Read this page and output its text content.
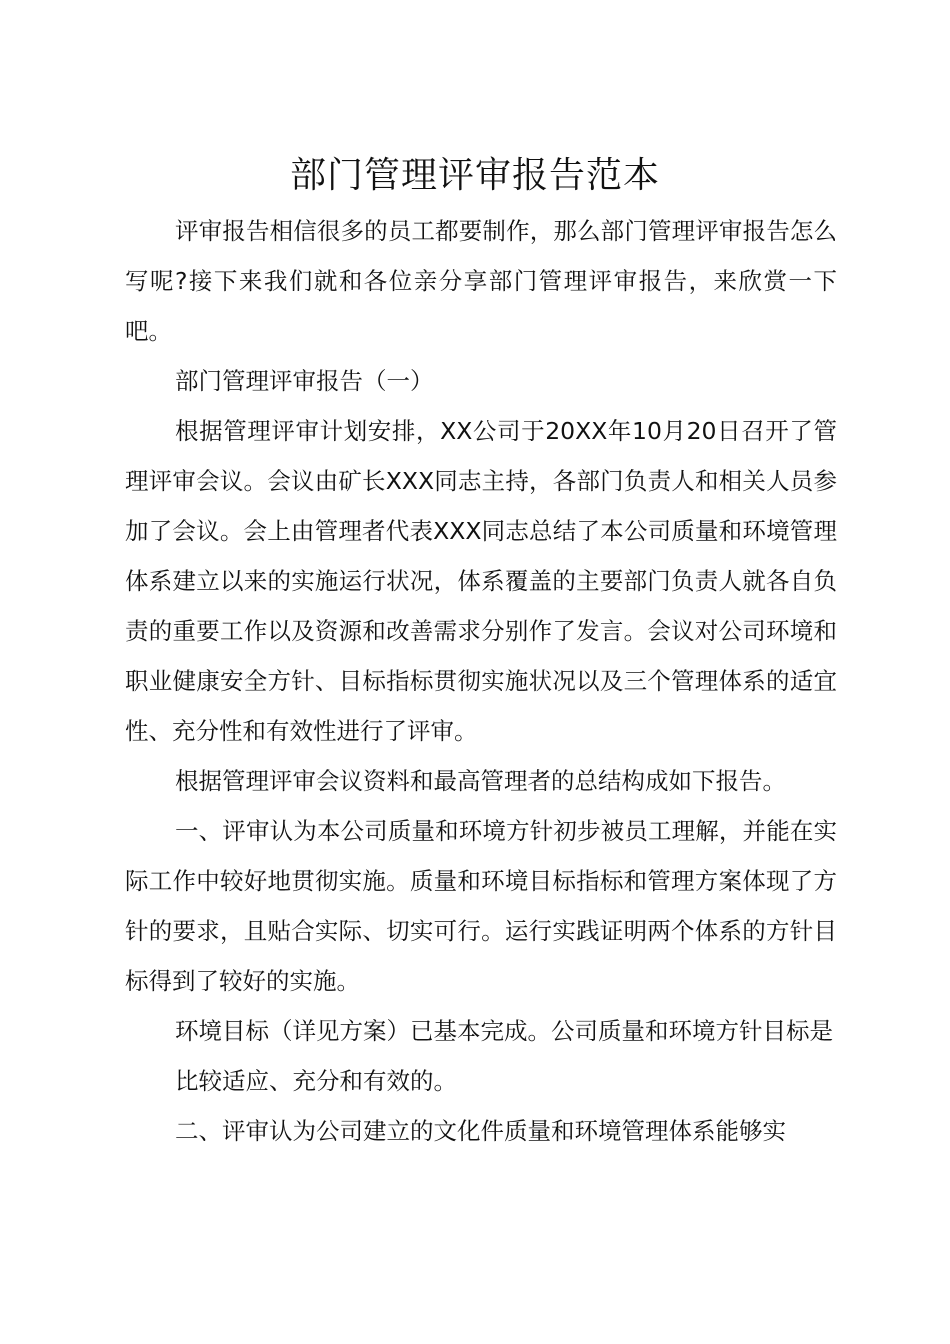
部门管理评审报告范本

评审报告相信很多的员工都要制作，那么部门管理评审报告怎么写呢?接下来我们就和各位亲分享部门管理评审报告，来欣赏一下吧。

部门管理评审报告（一）

根据管理评审计划安排，XX公司于20XX年10月20日召开了管理评审会议。会议由矿长XXX同志主持，各部门负责人和相关人员参加了会议。会上由管理者代表XXX同志总结了本公司质量和环境管理体系建立以来的实施运行状况，体系覆盖的主要部门负责人就各自负责的重要工作以及资源和改善需求分别作了发言。会议对公司环境和职业健康安全方针、目标指标贯彻实施状况以及三个管理体系的适宜性、充分性和有效性进行了评审。

根据管理评审会议资料和最高管理者的总结构成如下报告。

一、评审认为本公司质量和环境方针初步被员工理解，并能在实际工作中较好地贯彻实施。质量和环境目标指标和管理方案体现了方针的要求，且贴合实际、切实可行。运行实践证明两个体系的方针目标得到了较好的实施。

环境目标（详见方案）已基本完成。公司质量和环境方针目标是

比较适应、充分和有效的。

二、评审认为公司建立的文化件质量和环境管理体系能够实
